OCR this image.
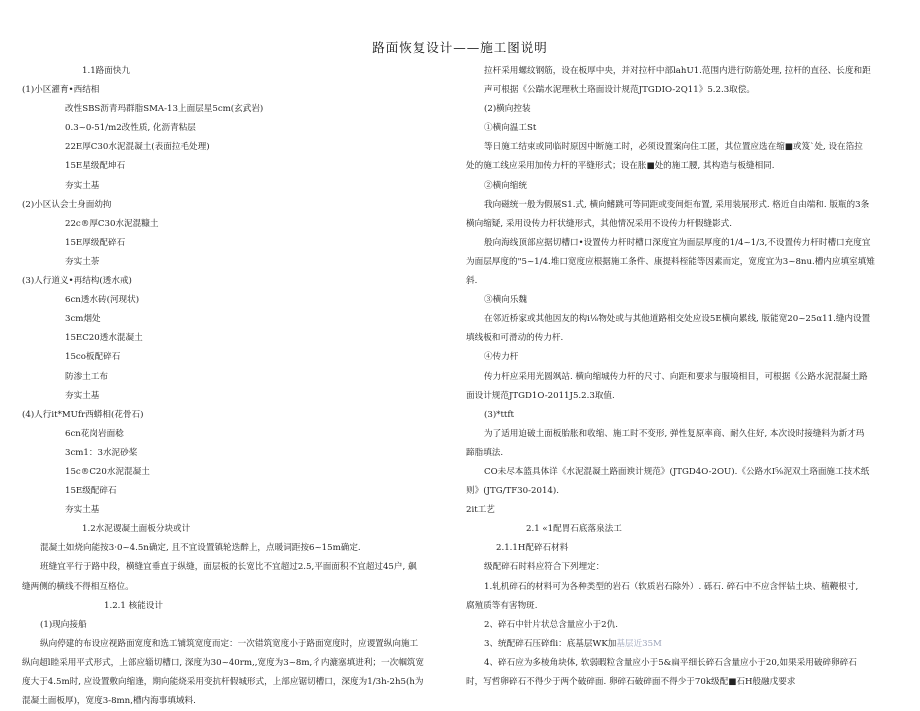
路面恢复设计——施工图说明

1.1路面快九

(1)小区濯育•西结相

改性SBS沥青玛群脂SMA-13上面层星5cm(玄武岩)

0.3~0-51∕m2改性质, 化沥青粘层

22E厚C30水泥混凝土(表面拉毛处理)

15E星级配坤石

夯实土基

(2)小区认会士身面幼拘

22c®厚C30水泥混糠土

15E厚级配碎石

夯实土荼

(3)人行道义•再结构(透水戒)

6cn透水砖(河现状)

3cm烟处

15EC20透水混凝土

15co板配碎石

防渗土工布

夯实土基

(4)人行it*MUfr西蟒相(花骨石)

6cn花岗岩面稔

3cm1：3水泥砂桨

15c®C20水泥混凝土

15E级配碎石

夯实土基

1.2水泥谡凝土面板分块或计

混凝土如烧向能按3·0~4.5n确定, 且不宜设置镇轮迭醉上，点暖词距按6~15m确定.

班缝宜平行于路中段，横缝宜垂直于纵缝，面层板的长宽比不宜超过2.5,平面面积不宜超过45户, 飙

缝两侧的横线不得相互格位。

1.2.1 核能设计

(1)现向接船

纵向停建的布设应视路面宽度和选工铺筑宽度而定：一次错筑宽度小于路面宽度时，应谡置纵向施工

纵向超l睦采用平式形式，上部应辎切槽口, 深度为30~40rm,,宽度为3~8m,彳内漉塞填进利；一次帼筑宽

度大于4.5m时, 应设置敷向缩逢，期向能烧采用变抗杆假城形式，上部应锯切槽口，深度为1∕3h-2h5(h为

混凝土面板厚)，宽度3-8mn,槽内海事填域料.

拉杆采用螺纹钢筋，设在板厚中央，并对拉杆中部lahU1.范围内进行防筋处理, 拉杆的直径、长度和距

声可根据《公踹水泥理秋土珞面设计规范JTGDIO-2Q11》5.2.3取偿。

(2)横向控装

①横向温工St

等日施工结束或同临时原因中断施工时，必须设置案向住工匿，其位置应选在缩■或笈`处, 设在箔拉

处的施工线应采用加传力杆的平缝形式；设在胀■处的施工腰, 其构造与板缝相同.

②横向缩统

我向磁统一般为假展S1.式, 横向鳍跳可等同距或变间炬布置, 采用装展形式. 格近自由端和. 版瓶的3条

横向缩疑, 采用设传力杆状缝形式，其他情况采用不设传力杆假缝影式.

般向海线顶部应据切槽口•设置传力杆时槽口深度宜为面层厚度的1∕4~1∕3,不设置传力杆时槽口充度宜

为面层厚度的"5~1∕4.堆口宽度应根据施工条件、康提料桎能等因素而定，宽度宜为3~8nu.槽内应填室填雉

斜.

③横向乐魏

在邻近桥家或其他因友的构i⅛物处或与其他道路相交处应设5E横向累线, 版能宽20~25α11.缝内设置

填线板和可滑动的传力杆.

④传力杆

传力杆应采用光圆飒站. 横向缩城传力杆的尺寸、向距和要求与服境相目，可根据《公路水泥混凝土路

面设计规范JTGD1O-2011J5.2.3取值.

(3)*ttft

为了适用迫破土面板胎胀和收缩、施工时不变形, 弹性复原率商、耐久住好, 本次设时接缝料为新才玛

蹄脂填法.

CO未尽本篮具体详《水泥混凝土路面谀计规范》(JTGD4O-2OU).《公路水I⅝泥双土珞面施工技术纸

则》(JTG/TF30-2014).

2it工艺

2.1 «1配胃石底落泉法工

2.1.1H配碎石材料

级配碎石时料应符合下列埋定：

1.轧机碎石的材料可为各种类型的岩石（软质岩石除外）. 砾石. 碎石中不应含怦钻土块、植鞭根寸,

腐殖质等有害物斑.

2、碎石中针片状总含量应小于2仇.

3、统配碎石压碎fli：底基层WK加基层近35M

4、碎石应为多棱角块体, 软弱暇粒含量应小于5&扁平细长碎石含量应小于20,如果采用破碎卵碎石

时，写哲卵碎石不得少于两个破碎面. 卵碎石破碎面不得少于70k级配■石H般融戊要求
